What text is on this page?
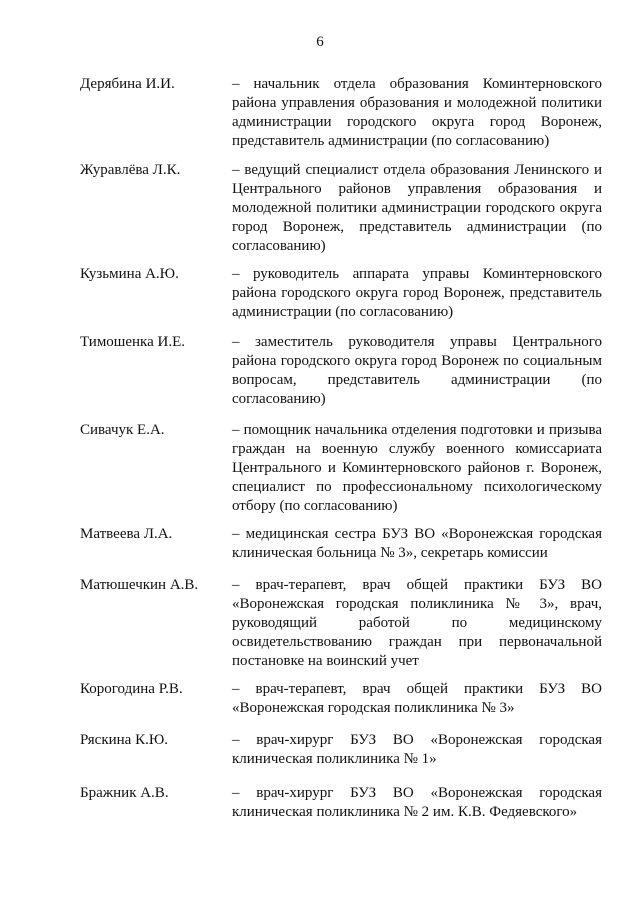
6
Дерябина И.И.	– начальник отдела образования Коминтерновского района управления образования и молодежной политики администрации городского округа город Воронеж, представитель администрации (по согласованию)
Журавлёва Л.К.	– ведущий специалист отдела образования Ленинского и Центрального районов управления образования и молодежной политики администрации городского округа город Воронеж, представитель администрации (по согласованию)
Кузьмина А.Ю.	– руководитель аппарата управы Коминтерновского района городского округа город Воронеж, представитель администрации (по согласованию)
Тимошенка И.Е.	– заместитель руководителя управы Центрального района городского округа город Воронеж по социальным вопросам, представитель администрации (по согласованию)
Сивачук Е.А.	– помощник начальника отделения подготовки и призыва граждан на военную службу военного комиссариата Центрального и Коминтерновского районов г. Воронеж, специалист по профессиональному психологическому отбору (по согласованию)
Матвеева Л.А.	– медицинская сестра БУЗ ВО «Воронежская городская клиническая больница № 3», секретарь комиссии
Матюшечкин А.В. – врач-терапевт, врач общей практики БУЗ ВО «Воронежская городская поликлиника № 3», врач, руководящий работой по медицинскому освидетельствованию граждан при первоначальной постановке на воинский учет
Корогодина Р.В.	– врач-терапевт, врач общей практики БУЗ ВО «Воронежская городская поликлиника № 3»
Ряскина К.Ю.	– врач-хирург БУЗ ВО «Воронежская городская клиническая поликлиника № 1»
Бражник А.В.	– врач-хирург БУЗ ВО «Воронежская городская клиническая поликлиника № 2 им. К.В. Федяевского»
